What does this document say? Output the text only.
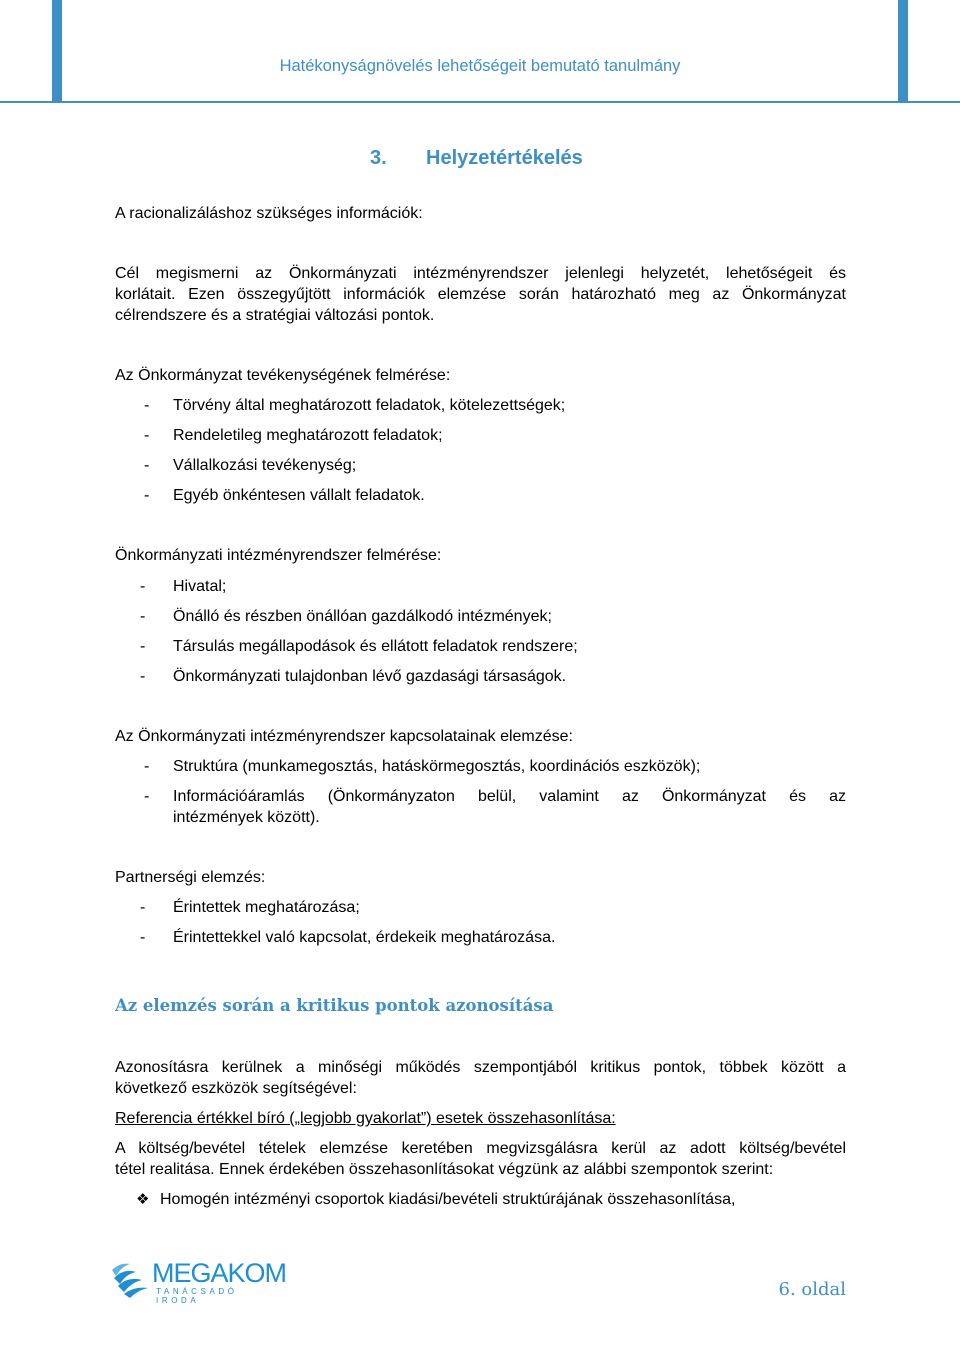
Hatékonyságnövelés lehetőségeit bemutató tanulmány
3. Helyzetértékelés
A racionalizáláshoz szükséges információk:
Cél megismerni az Önkormányzati intézményrendszer jelenlegi helyzetét, lehetőségeit és
korlátait. Ezen összegyűjtött információk elemzése során határozható meg az Önkormányzat
célrendszere és a stratégiai változási pontok.
Az Önkormányzat tevékenységének felmérése:
- Törvény által meghatározott feladatok, kötelezettségek;
- Rendeletileg meghatározott feladatok;
- Vállalkozási tevékenység;
- Egyéb önkéntesen vállalt feladatok.
Önkormányzati intézményrendszer felmérése:
- Hivatal;
- Önálló és részben önállóan gazdálkodó intézmények;
- Társulás megállapodások és ellátott feladatok rendszere;
- Önkormányzati tulajdonban lévő gazdasági társaságok.
Az Önkormányzati intézményrendszer kapcsolatainak elemzése:
- Struktúra (munkamegosztás, hatáskörmegosztás, koordinációs eszközök);
- Információáramlás (Önkormányzaton belül, valamint az Önkormányzat és az
intézmények között).
Partnerségi elemzés:
- Érintettek meghatározása;
- Érintettekkel való kapcsolat, érdekeik meghatározása.
Az elemzés során a kritikus pontok azonosítása
Azonosításra kerülnek a minőségi működés szempontjából kritikus pontok, többek között a
következő eszközök segítségével:
Referencia értékkel bíró („legjobb gyakorlat”) esetek összehasonlítása:
A költség/bevétel tételek elemzése keretében megvizsgálásra kerül az adott költség/bevétel
tétel realitása. Ennek érdekében összehasonlításokat végzünk az alábbi szempontok szerint:
❖ Homogén intézményi csoportok kiadási/bevételi struktúrájának összehasonlítása,
MEGAKOM
TANÁCSADÓ IRODA
6. oldal
